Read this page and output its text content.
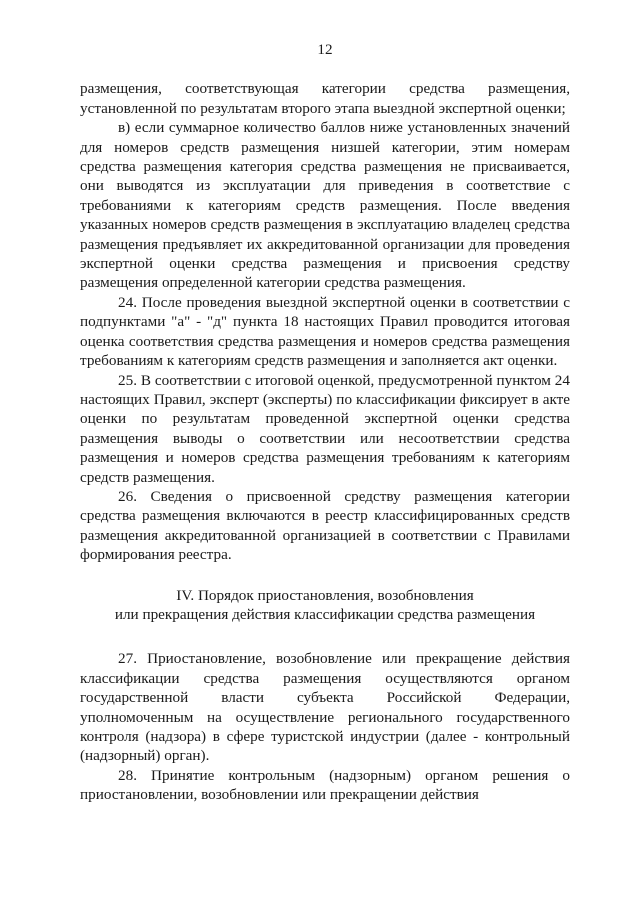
12

размещения, соответствующая категории средства размещения, установленной по результатам второго этапа выездной экспертной оценки;

в) если суммарное количество баллов ниже установленных значений для номеров средств размещения низшей категории, этим номерам средства размещения категория средства размещения не присваивается, они выводятся из эксплуатации для приведения в соответствие с требованиями к категориям средств размещения. После введения указанных номеров средств размещения в эксплуатацию владелец средства размещения предъявляет их аккредитованной организации для проведения экспертной оценки средства размещения и присвоения средству размещения определенной категории средства размещения.

24. После проведения выездной экспертной оценки в соответствии с подпунктами "а" - "д" пункта 18 настоящих Правил проводится итоговая оценка соответствия средства размещения и номеров средства размещения требованиям к категориям средств размещения и заполняется акт оценки.

25. В соответствии с итоговой оценкой, предусмотренной пунктом 24 настоящих Правил, эксперт (эксперты) по классификации фиксирует в акте оценки по результатам проведенной экспертной оценки средства размещения выводы о соответствии или несоответствии средства размещения и номеров средства размещения требованиям к категориям средств размещения.

26. Сведения о присвоенной средству размещения категории средства размещения включаются в реестр классифицированных средств размещения аккредитованной организацией в соответствии с Правилами формирования реестра.

IV. Порядок приостановления, возобновления
или прекращения действия классификации средства размещения

27. Приостановление, возобновление или прекращение действия классификации средства размещения осуществляются органом государственной власти субъекта Российской Федерации, уполномоченным на осуществление регионального государственного контроля (надзора) в сфере туристской индустрии (далее - контрольный (надзорный) орган).

28. Принятие контрольным (надзорным) органом решения о приостановлении, возобновлении или прекращении действия
